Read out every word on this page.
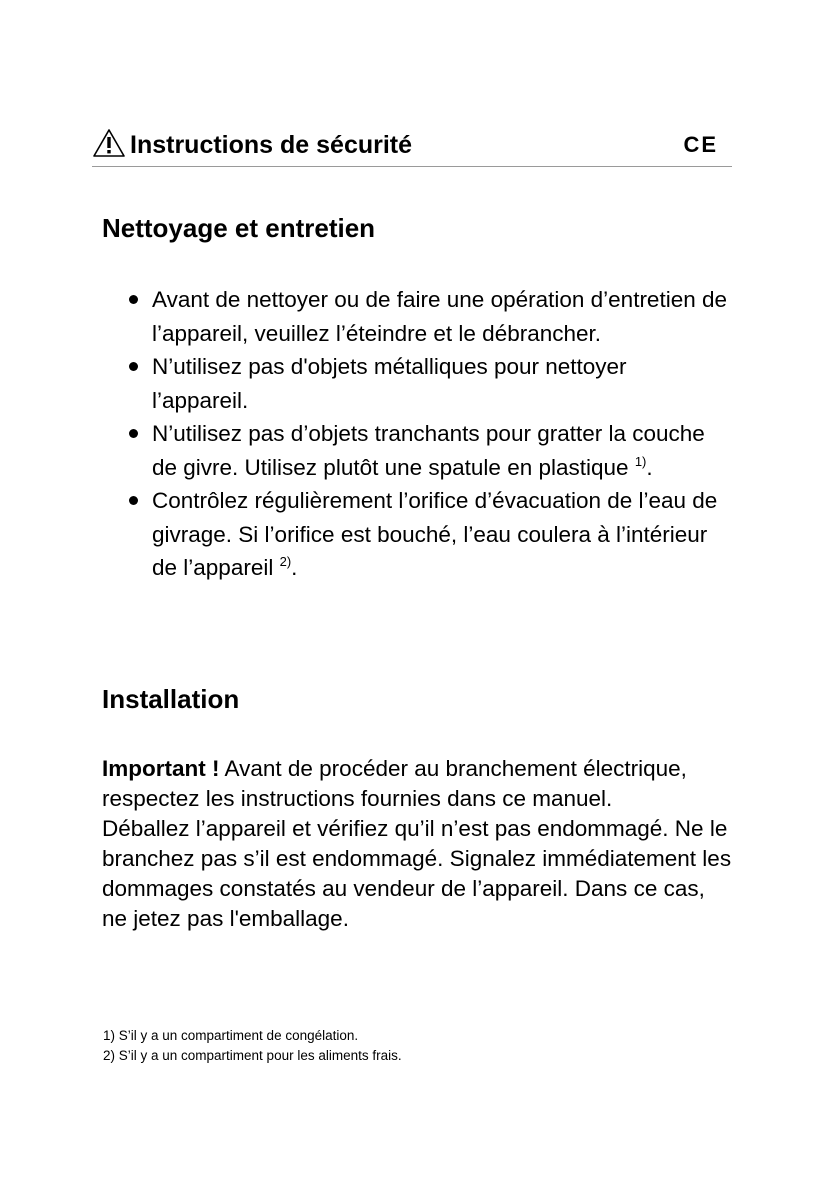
Instructions de sécurité	CE
Nettoyage et entretien
Avant de nettoyer ou de faire une opération d’entretien de l’appareil, veuillez l’éteindre et le débrancher.
N’utilisez pas d'objets métalliques pour nettoyer l’appareil.
N’utilisez pas d’objets tranchants pour gratter la couche de givre. Utilisez plutôt une spatule en plastique $^{1)}$.
Contrôlez régulièrement l’orifice d’évacuation de l’eau de givrage. Si l’orifice est bouché, l’eau coulera à l’intérieur de l’appareil $^{2)}$.
Installation

Important ! Avant de procéder au branchement électrique, respectez les instructions fournies dans ce manuel.

Déballez l’appareil et vérifiez qu’il n’est pas endommagé. Ne le branchez pas s’il est endommagé. Signalez immédiatement les dommages constatés au vendeur de l’appareil. Dans ce cas, ne jetez pas l'emballage.

1) S’il y a un compartiment de congélation.

2) S’il y a un compartiment pour les aliments frais.
